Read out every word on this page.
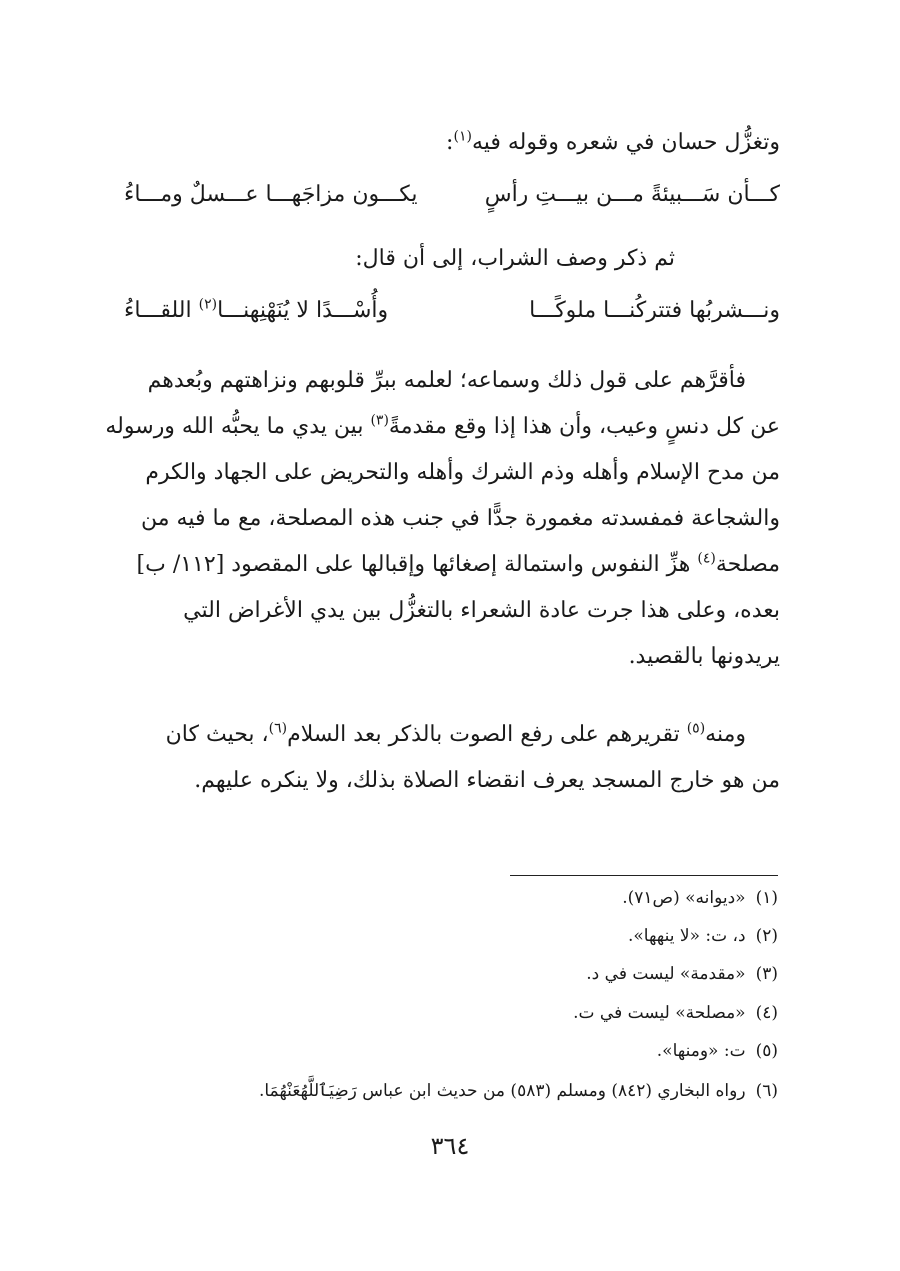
وتغزُّل حسان في شعره وقوله فيه$^{(١)}$:
كـــأن سَـــبيئةً مـــن بيـــتِ رأسٍ
يكـــون مزاجَهـــا عـــسلٌ ومـــاءُ
ثم ذكر وصف الشراب، إلى أن قال:
ونـــشربُها فتتركُنـــا ملوكًـــا
وأُسْـــدًا لا يُنَهْنِهنـــا$^{(٢)}$ اللقـــاءُ
فأقرَّهم على قول ذلك وسماعه؛ لعلمه ببرِّ قلوبهم ونزاهتهم وبُعدهم
عن كل دنسٍ وعيب، وأن هذا إذا وقع مقدمةً$^{(٣)}$ بين يدي ما يحبُّه الله ورسوله
من مدح الإسلام وأهله وذم الشرك وأهله والتحريض على الجهاد والكرم
والشجاعة فمفسدته مغمورة جدًّا في جنب هذه المصلحة، مع ما فيه من
مصلحة$^{(٤)}$ هزِّ النفوس واستمالة إصغائها وإقبالها على المقصود [١١٢/ ب]
بعده، وعلى هذا جرت عادة الشعراء بالتغزُّل بين يدي الأغراض التي
يريدونها بالقصيد.
ومنه$^{(٥)}$ تقريرهم على رفع الصوت بالذكر بعد السلام$^{(٦)}$، بحيث كان
من هو خارج المسجد يعرف انقضاء الصلاة بذلك، ولا ينكره عليهم.
(١)«ديوانه» (ص٧١).
(٢)د، ت: «لا ينهها».
(٣)«مقدمة» ليست في د.
(٤)«مصلحة» ليست في ت.
(٥)ت: «ومنها».
(٦)رواه البخاري (٨٤٢) ومسلم (٥٨٣) من حديث ابن عباس رَضِيَٱللَّهُعَنْهُمَا.
٣٦٤
